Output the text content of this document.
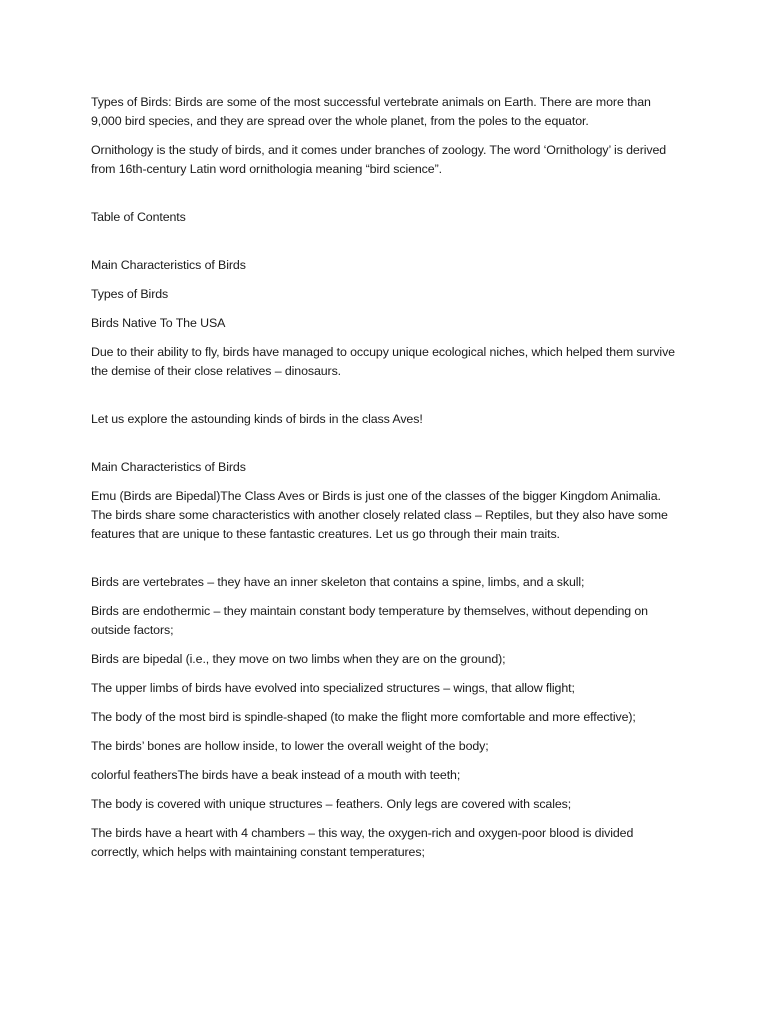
Types of Birds: Birds are some of the most successful vertebrate animals on Earth. There are more than 9,000 bird species, and they are spread over the whole planet, from the poles to the equator.

Ornithology is the study of birds, and it comes under branches of zoology. The word ‘Ornithology’ is derived from 16th-century Latin word ornithologia meaning “bird science”.

Table of Contents

Main Characteristics of Birds

Types of Birds

Birds Native To The USA

Due to their ability to fly, birds have managed to occupy unique ecological niches, which helped them survive the demise of their close relatives – dinosaurs.

Let us explore the astounding kinds of birds in the class Aves!

Main Characteristics of Birds

Emu (Birds are Bipedal)The Class Aves or Birds is just one of the classes of the bigger Kingdom Animalia. The birds share some characteristics with another closely related class – Reptiles, but they also have some features that are unique to these fantastic creatures. Let us go through their main traits.

Birds are vertebrates – they have an inner skeleton that contains a spine, limbs, and a skull;

Birds are endothermic – they maintain constant body temperature by themselves, without depending on outside factors;

Birds are bipedal (i.e., they move on two limbs when they are on the ground);

The upper limbs of birds have evolved into specialized structures – wings, that allow flight;

The body of the most bird is spindle-shaped (to make the flight more comfortable and more effective);

The birds’ bones are hollow inside, to lower the overall weight of the body;

colorful feathersThe birds have a beak instead of a mouth with teeth;

The body is covered with unique structures – feathers. Only legs are covered with scales;

The birds have a heart with 4 chambers – this way, the oxygen-rich and oxygen-poor blood is divided correctly, which helps with maintaining constant temperatures;
